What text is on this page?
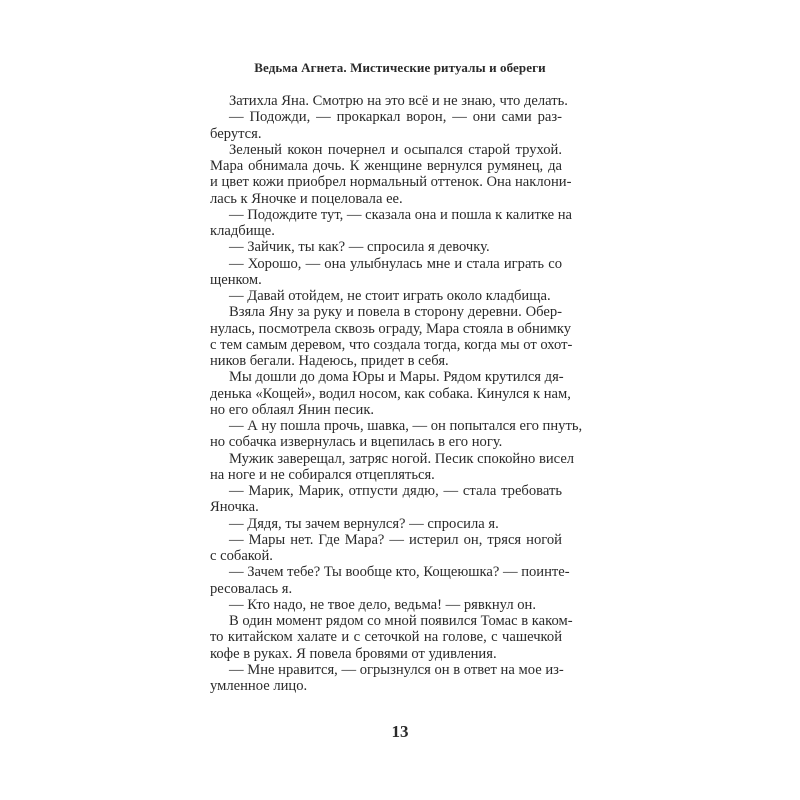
Ведьма Агнета. Мистические ритуалы и обереги
Затихла Яна. Смотрю на это всё и не знаю, что делать.
— Подожди, — прокаркал ворон, — они сами раз-
берутся.
Зеленый кокон почернел и осыпался старой трухой.
Мара обнимала дочь. К женщине вернулся румянец, да
и цвет кожи приобрел нормальный оттенок. Она наклони-
лась к Яночке и поцеловала ее.
— Подождите тут, — сказала она и пошла к калитке на
кладбище.
— Зайчик, ты как? — спросила я девочку.
— Хорошо, — она улыбнулась мне и стала играть со
щенком.
— Давай отойдем, не стоит играть около кладбища.
Взяла Яну за руку и повела в сторону деревни. Обер-
нулась, посмотрела сквозь ограду, Мара стояла в обнимку
с тем самым деревом, что создала тогда, когда мы от охот-
ников бегали. Надеюсь, придет в себя.
Мы дошли до дома Юры и Мары. Рядом крутился дя-
денька «Кощей», водил носом, как собака. Кинулся к нам,
но его облаял Янин песик.
— А ну пошла прочь, шавка, — он попытался его пнуть,
но собачка извернулась и вцепилась в его ногу.
Мужик заверещал, затряс ногой. Песик спокойно висел
на ноге и не собирался отцепляться.
— Марик, Марик, отпусти дядю, — стала требовать
Яночка.
— Дядя, ты зачем вернулся? — спросила я.
— Мары нет. Где Мара? — истерил он, тряся ногой
с собакой.
— Зачем тебе? Ты вообще кто, Кощеюшка? — поинте-
ресовалась я.
— Кто надо, не твое дело, ведьма! — рявкнул он.
В один момент рядом со мной появился Томас в каком-
то китайском халате и с сеточкой на голове, с чашечкой
кофе в руках. Я повела бровями от удивления.
— Мне нравится, — огрызнулся он в ответ на мое из-
умленное лицо.
13
